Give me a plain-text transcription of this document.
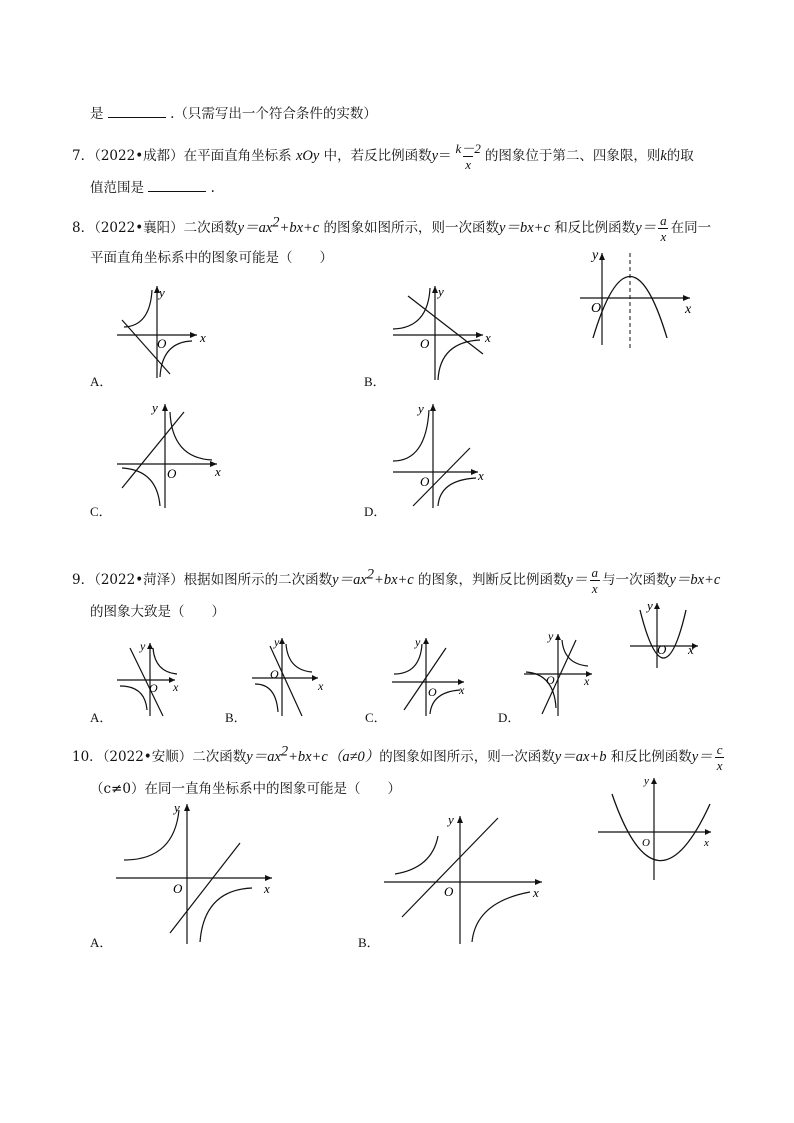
是	.（只需写出一个符合条件的实数）
7．（2022•成都）在平面直角坐标系 xOy 中，若反比例函数$y= \frac{k-2}{x}$ 的图象位于第二、四象限，则k的取
值范围是	.
8．（2022•襄阳）二次函数$y=ax^2+bx+c$ 的图象如图所示，则一次函数y＝bx+c 和反比例函数$y= \frac{a}{x}$ 在同一
平面直角坐标系中的图象可能是（　　）
x
y
O
x
y
O
A．
x
y
O
B．
x
y
O
C．
x
y
O
D．
9．（2022•菏泽）根据如图所示的二次函数$y=ax^2+bx+c$ 的图象，判断反比例函数$y= \frac{a}{x}$ 与一次函数y＝bx+c
的图象大致是（　　）
x
y
O
x
y
O
A．
x
y
O
B．
x
y
O
C．
x
y
O
D．
10．（2022•安顺）二次函数$y=ax^2+bx+c(a\ne 0)$的图象如图所示，则一次函数y＝ax+b 和反比例函数$y= \frac{c}{x}$
（c≠0）在同一直角坐标系中的图象可能是（　　）
x
y
O
x
y
O
A．
x
y
O
B．
